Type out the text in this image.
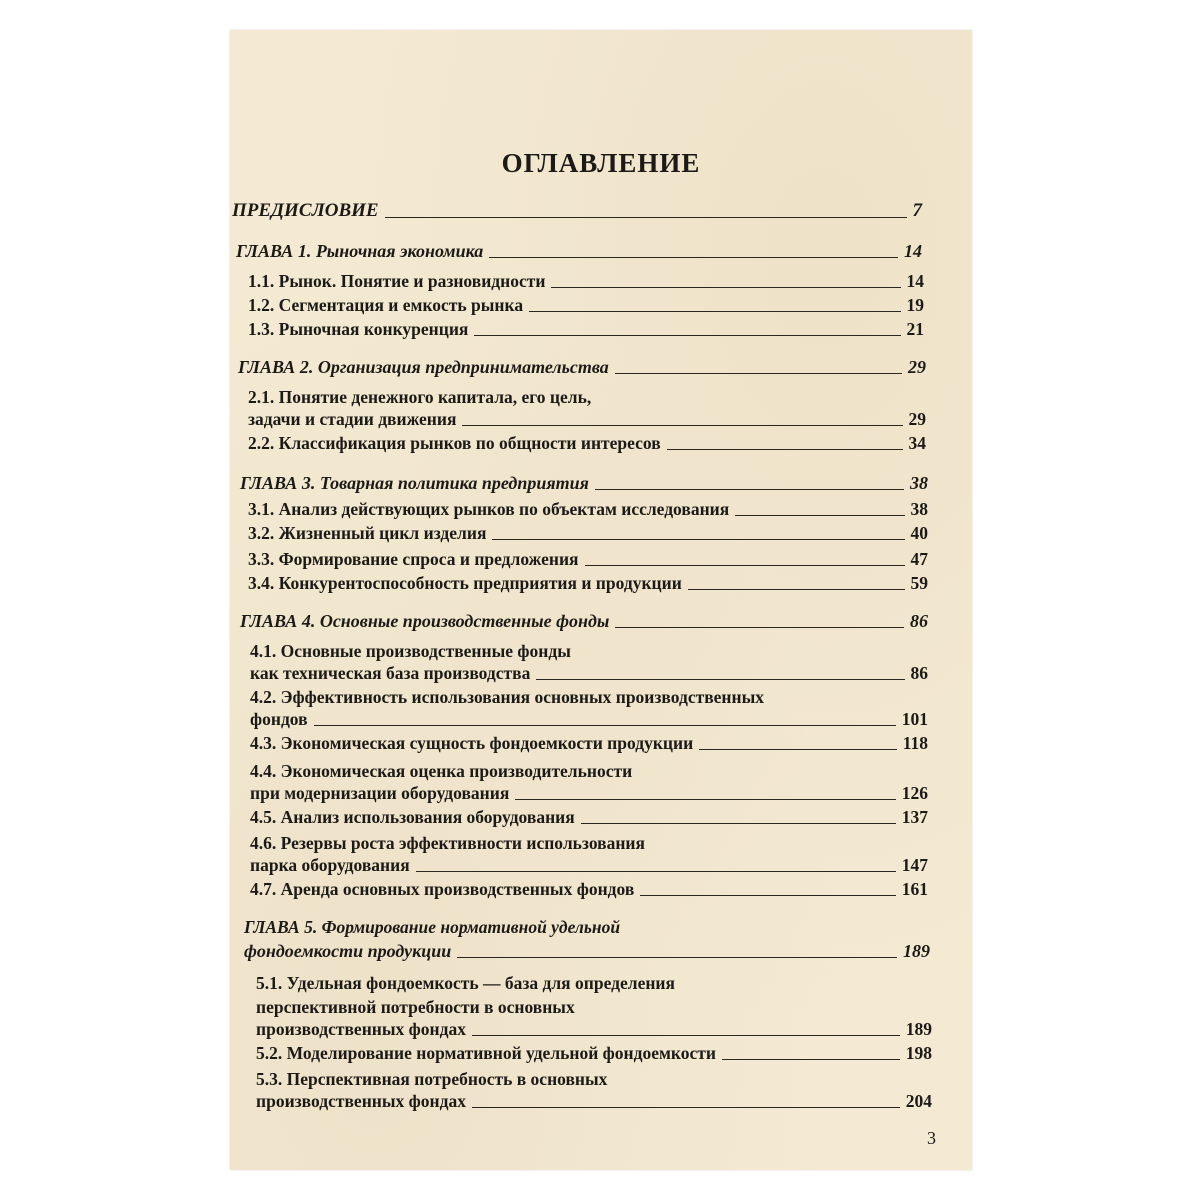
ОГЛАВЛЕНИЕ
ПРЕДИСЛОВИЕ	7
ГЛАВА 1. Рыночная экономика	14
1.1. Рынок. Понятие и разновидности	14
1.2. Сегментация и емкость рынка	19
1.3. Рыночная конкуренция	21
ГЛАВА 2. Организация предпринимательства	29
2.1. Понятие денежного капитала, его цель,
задачи и стадии движения	29
2.2. Классификация рынков по общности интересов	34
ГЛАВА 3. Товарная политика предприятия	38
3.1. Анализ действующих рынков по объектам исследования	38
3.2. Жизненный цикл изделия	40
3.3. Формирование спроса и предложения	47
3.4. Конкурентоспособность предприятия и продукции	59
ГЛАВА 4. Основные производственные фонды	86
4.1. Основные производственные фонды
как техническая база производства	86
4.2. Эффективность использования основных производственных
фондов	101
4.3. Экономическая сущность фондоемкости продукции	118
4.4. Экономическая оценка производительности
при модернизации оборудования	126
4.5. Анализ использования оборудования	137
4.6. Резервы роста эффективности использования
парка оборудования	147
4.7. Аренда основных производственных фондов	161
ГЛАВА 5. Формирование нормативной удельной
фондоемкости продукции	189
5.1. Удельная фондоемкость — база для определения
перспективной потребности в основных
производственных фондах	189
5.2. Моделирование нормативной удельной фондоемкости	198
5.3. Перспективная потребность в основных
производственных фондах	204
3
